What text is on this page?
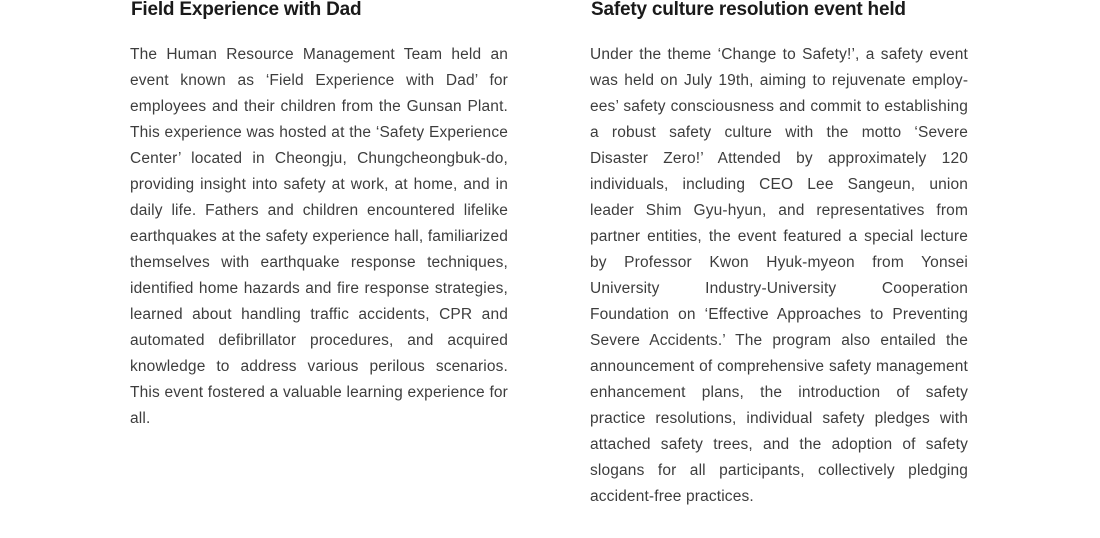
Field Experience with Dad

The Human Resource Management Team held an event known as ‘Field Experience with Dad’ for employees and their children from the Gunsan Plant. This experience was hosted at the ‘Safety Experience Center’ located in Cheongju, Chungcheongbuk-do, providing insight into safety at work, at home, and in daily life. Fathers and children encountered lifelike earthquakes at the safety experience hall, familiarized themselves with earthquake response techniques, identified home hazards and fire response strategies, learned about handling traffic accidents, CPR and automated defibrillator procedures, and acquired knowledge to address various perilous scenarios. This event fostered a valuable learning experience for all.

Safety culture resolution event held

Under the theme ‘Change to Safety!’, a safety event was held on July 19th, aiming to rejuvenate employees’ safety consciousness and commit to establishing a robust safety culture with the motto ‘Severe Disaster Zero!’ Attended by approximately 120 individuals, including CEO Lee Sangeun, union leader Shim Gyu-hyun, and representatives from partner entities, the event featured a special lecture by Professor Kwon Hyuk-myeon from Yonsei University Industry-University Cooperation Foundation on ‘Effective Approaches to Preventing Severe Accidents.’ The program also entailed the announcement of comprehensive safety management enhancement plans, the introduction of safety practice resolutions, individual safety pledges with attached safety trees, and the adoption of safety slogans for all participants, collectively pledging accident-free practices.
